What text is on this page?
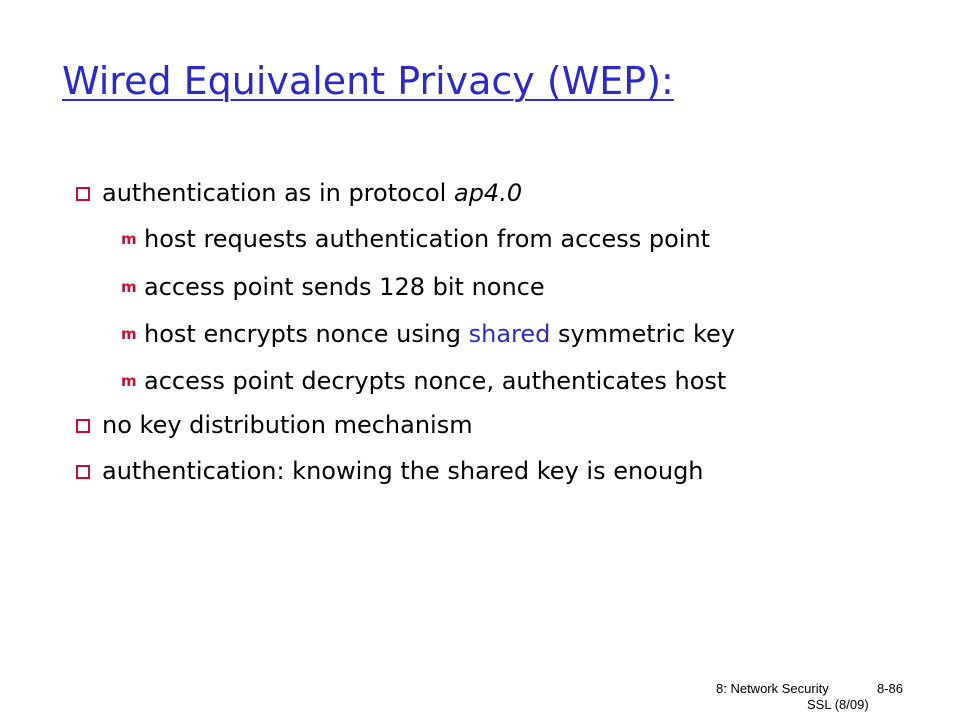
Wired Equivalent Privacy (WEP):
authentication as in protocol ap4.0
m host requests authentication from access point
m access point sends 128 bit nonce
m host encrypts nonce using shared symmetric key
m access point decrypts nonce, authenticates host
no key distribution mechanism
authentication: knowing the shared key is enough
8: Network Security	8-86
SSL (8/09)
